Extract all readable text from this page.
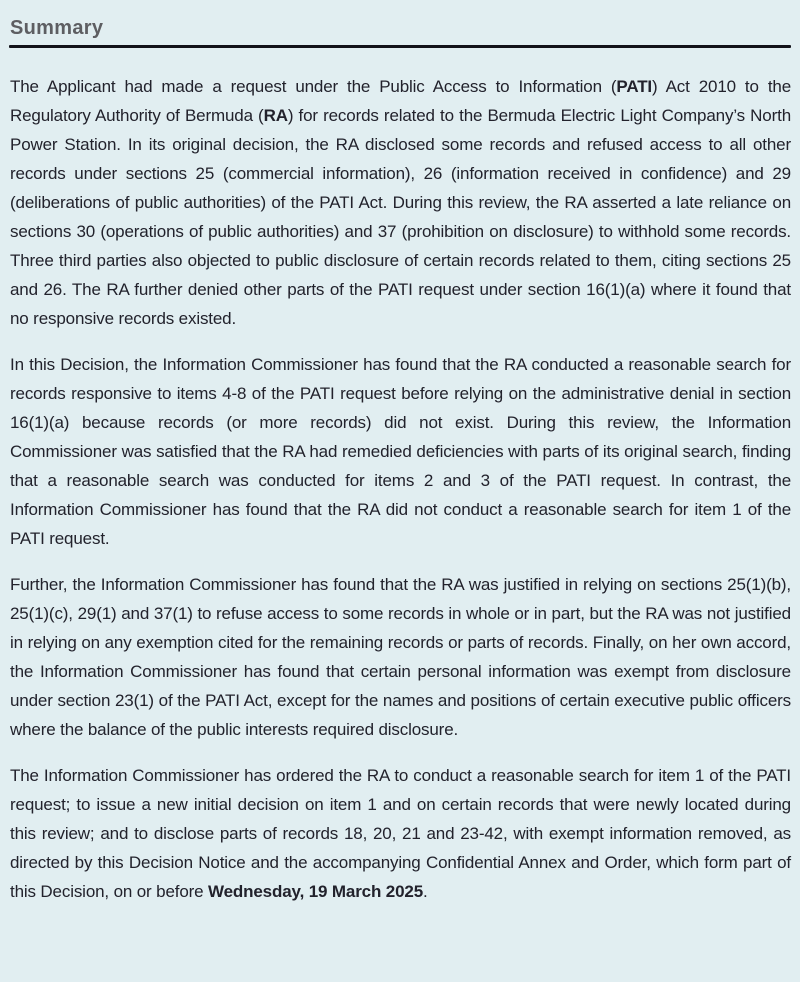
Summary

The Applicant had made a request under the Public Access to Information (PATI) Act 2010 to the Regulatory Authority of Bermuda (RA) for records related to the Bermuda Electric Light Company’s North Power Station. In its original decision, the RA disclosed some records and refused access to all other records under sections 25 (commercial information), 26 (information received in confidence) and 29 (deliberations of public authorities) of the PATI Act. During this review, the RA asserted a late reliance on sections 30 (operations of public authorities) and 37 (prohibition on disclosure) to withhold some records. Three third parties also objected to public disclosure of certain records related to them, citing sections 25 and 26. The RA further denied other parts of the PATI request under section 16(1)(a) where it found that no responsive records existed.

In this Decision, the Information Commissioner has found that the RA conducted a reasonable search for records responsive to items 4-8 of the PATI request before relying on the administrative denial in section 16(1)(a) because records (or more records) did not exist. During this review, the Information Commissioner was satisfied that the RA had remedied deficiencies with parts of its original search, finding that a reasonable search was conducted for items 2 and 3 of the PATI request. In contrast, the Information Commissioner has found that the RA did not conduct a reasonable search for item 1 of the PATI request.

Further, the Information Commissioner has found that the RA was justified in relying on sections 25(1)(b), 25(1)(c), 29(1) and 37(1) to refuse access to some records in whole or in part, but the RA was not justified in relying on any exemption cited for the remaining records or parts of records. Finally, on her own accord, the Information Commissioner has found that certain personal information was exempt from disclosure under section 23(1) of the PATI Act, except for the names and positions of certain executive public officers where the balance of the public interests required disclosure.

The Information Commissioner has ordered the RA to conduct a reasonable search for item 1 of the PATI request; to issue a new initial decision on item 1 and on certain records that were newly located during this review; and to disclose parts of records 18, 20, 21 and 23-42, with exempt information removed, as directed by this Decision Notice and the accompanying Confidential Annex and Order, which form part of this Decision, on or before Wednesday, 19 March 2025.
